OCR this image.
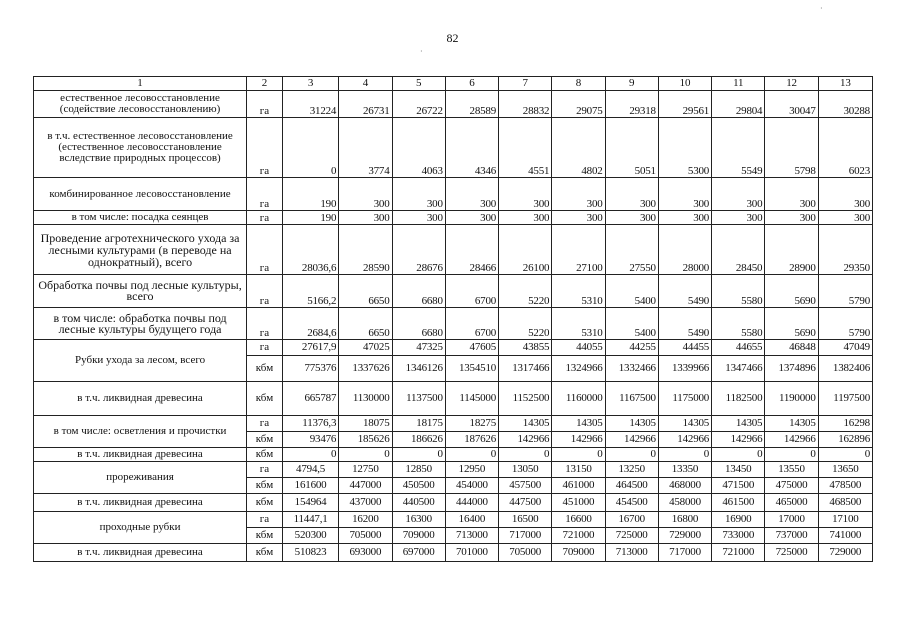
82
·
·
1	2	3	4	5	6	7	8	9	10	11	12	13
естественное лесовосстановление (содействие лесовосстановлению)	га	31224	26731	26722	28589	28832	29075	29318	29561	29804	30047	30288
в т.ч. естественное лесовосстановление (естественное лесовосстановление вследствие природных процессов)	га	0	3774	4063	4346	4551	4802	5051	5300	5549	5798	6023
комбинированное лесовосстановление	га	190	300	300	300	300	300	300	300	300	300	300
в том числе: посадка сеянцев	га	190	300	300	300	300	300	300	300	300	300	300
Проведение агротехнического ухода за лесными культурами (в переводе на однократный), всего	га	28036,6	28590	28676	28466	26100	27100	27550	28000	28450	28900	29350
Обработка почвы под лесные культуры, всего	га	5166,2	6650	6680	6700	5220	5310	5400	5490	5580	5690	5790
в том числе: обработка почвы под лесные культуры будущего года	га	2684,6	6650	6680	6700	5220	5310	5400	5490	5580	5690	5790
Рубки ухода за лесом, всего	га	27617,9	47025	47325	47605	43855	44055	44255	44455	44655	46848	47049
	кбм	775376	1337626	1346126	1354510	1317466	1324966	1332466	1339966	1347466	1374896	1382406
в т.ч. ликвидная древесина	кбм	665787	1130000	1137500	1145000	1152500	1160000	1167500	1175000	1182500	1190000	1197500
в том числе: осветления и прочистки	га	11376,3	18075	18175	18275	14305	14305	14305	14305	14305	14305	16298
	кбм	93476	185626	186626	187626	142966	142966	142966	142966	142966	142966	162896
в т.ч. ликвидная древесина	кбм	0	0	0	0	0	0	0	0	0	0	0
прореживания	га	4794,5	12750	12850	12950	13050	13150	13250	13350	13450	13550	13650
	кбм	161600	447000	450500	454000	457500	461000	464500	468000	471500	475000	478500
в т.ч. ликвидная древесина	кбм	154964	437000	440500	444000	447500	451000	454500	458000	461500	465000	468500
проходные рубки	га	11447,1	16200	16300	16400	16500	16600	16700	16800	16900	17000	17100
	кбм	520300	705000	709000	713000	717000	721000	725000	729000	733000	737000	741000
в т.ч. ликвидная древесина	кбм	510823	693000	697000	701000	705000	709000	713000	717000	721000	725000	729000
